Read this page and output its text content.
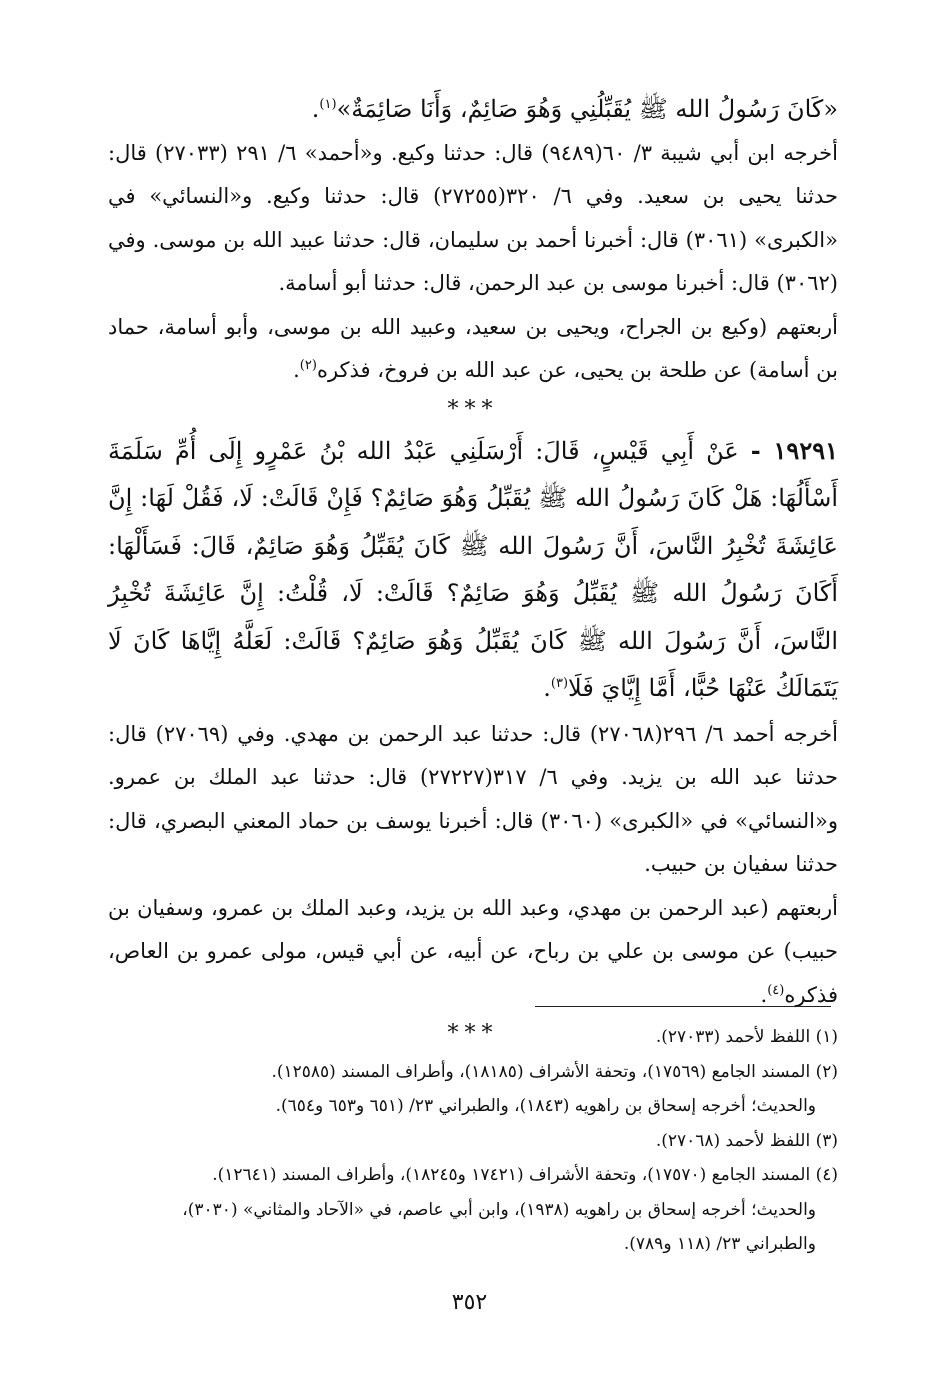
«كَانَ رَسُولُ الله ﷺ يُقَبِّلُنِي وَهُوَ صَائِمٌ، وَأَنَا صَائِمَةٌ»$^{(١)}$.

أخرجه ابن أبي شيبة ٣/ ٦٠(٩٤٨٩) قال: حدثنا وكيع. و«أحمد» ٦/ ٢٩١ (٢٧٠٣٣) قال: حدثنا يحيى بن سعيد. وفي ٦/ ٣٢٠(٢٧٢٥٥) قال: حدثنا وكيع. و«النسائي» في «الكبرى» (٣٠٦١) قال: أخبرنا أحمد بن سليمان، قال: حدثنا عبيد الله بن موسى. وفي (٣٠٦٢) قال: أخبرنا موسى بن عبد الرحمن، قال: حدثنا أبو أسامة.

أربعتهم (وكيع بن الجراح، ويحيى بن سعيد، وعبيد الله بن موسى، وأبو أسامة، حماد بن أسامة) عن طلحة بن يحيى، عن عبد الله بن فروخ، فذكره$^{(٢)}$.

***

١٩٢٩١ - عَنْ أَبِي قَيْسٍ، قَالَ: أَرْسَلَنِي عَبْدُ الله بْنُ عَمْرٍو إِلَى أُمِّ سَلَمَةَ أَسْأَلُهَا: هَلْ كَانَ رَسُولُ الله ﷺ يُقَبِّلُ وَهُوَ صَائِمٌ؟ فَإِنْ قَالَتْ: لَا، فَقُلْ لَهَا: إِنَّ عَائِشَةَ تُخْبِرُ النَّاسَ، أَنَّ رَسُولَ الله ﷺ كَانَ يُقَبِّلُ وَهُوَ صَائِمٌ، قَالَ: فَسَأَلْهَا: أَكَانَ رَسُولُ الله ﷺ يُقَبِّلُ وَهُوَ صَائِمٌ؟ قَالَتْ: لَا، قُلْتُ: إِنَّ عَائِشَةَ تُخْبِرُ النَّاسَ، أَنَّ رَسُولَ الله ﷺ كَانَ يُقَبِّلُ وَهُوَ صَائِمٌ؟ قَالَتْ: لَعَلَّهُ إِيَّاهَا كَانَ لَا يَتَمَالَكُ عَنْهَا حُبًّا، أَمَّا إِيَّايَ فَلَا$^{(٣)}$.

أخرجه أحمد ٦/ ٢٩٦(٢٧٠٦٨) قال: حدثنا عبد الرحمن بن مهدي. وفي (٢٧٠٦٩) قال: حدثنا عبد الله بن يزيد. وفي ٦/ ٣١٧(٢٧٢٢٧) قال: حدثنا عبد الملك بن عمرو. و«النسائي» في «الكبرى» (٣٠٦٠) قال: أخبرنا يوسف بن حماد المعني البصري، قال: حدثنا سفيان بن حبيب.

أربعتهم (عبد الرحمن بن مهدي، وعبد الله بن يزيد، وعبد الملك بن عمرو، وسفيان بن حبيب) عن موسى بن علي بن رباح، عن أبيه، عن أبي قيس، مولى عمرو بن العاص، فذكره$^{(٤)}$.

***	(١) اللفظ لأحمد (٢٧٠٣٣).

(٢) المسند الجامع (١٧٥٦٩)، وتحفة الأشراف (١٨١٨٥)، وأطراف المسند (١٢٥٨٥).

والحديث؛ أخرجه إسحاق بن راهويه (١٨٤٣)، والطبراني ٢٣/ (٦٥١ و٦٥٣ و٦٥٤).

(٣) اللفظ لأحمد (٢٧٠٦٨).

(٤) المسند الجامع (١٧٥٧٠)، وتحفة الأشراف (١٧٤٢١ و١٨٢٤٥)، وأطراف المسند (١٢٦٤١).

والحديث؛ أخرجه إسحاق بن راهويه (١٩٣٨)، وابن أبي عاصم، في «الآحاد والمثاني» (٣٠٣٠)،

والطبراني ٢٣/ (١١٨ و٧٨٩).

٣٥٢
